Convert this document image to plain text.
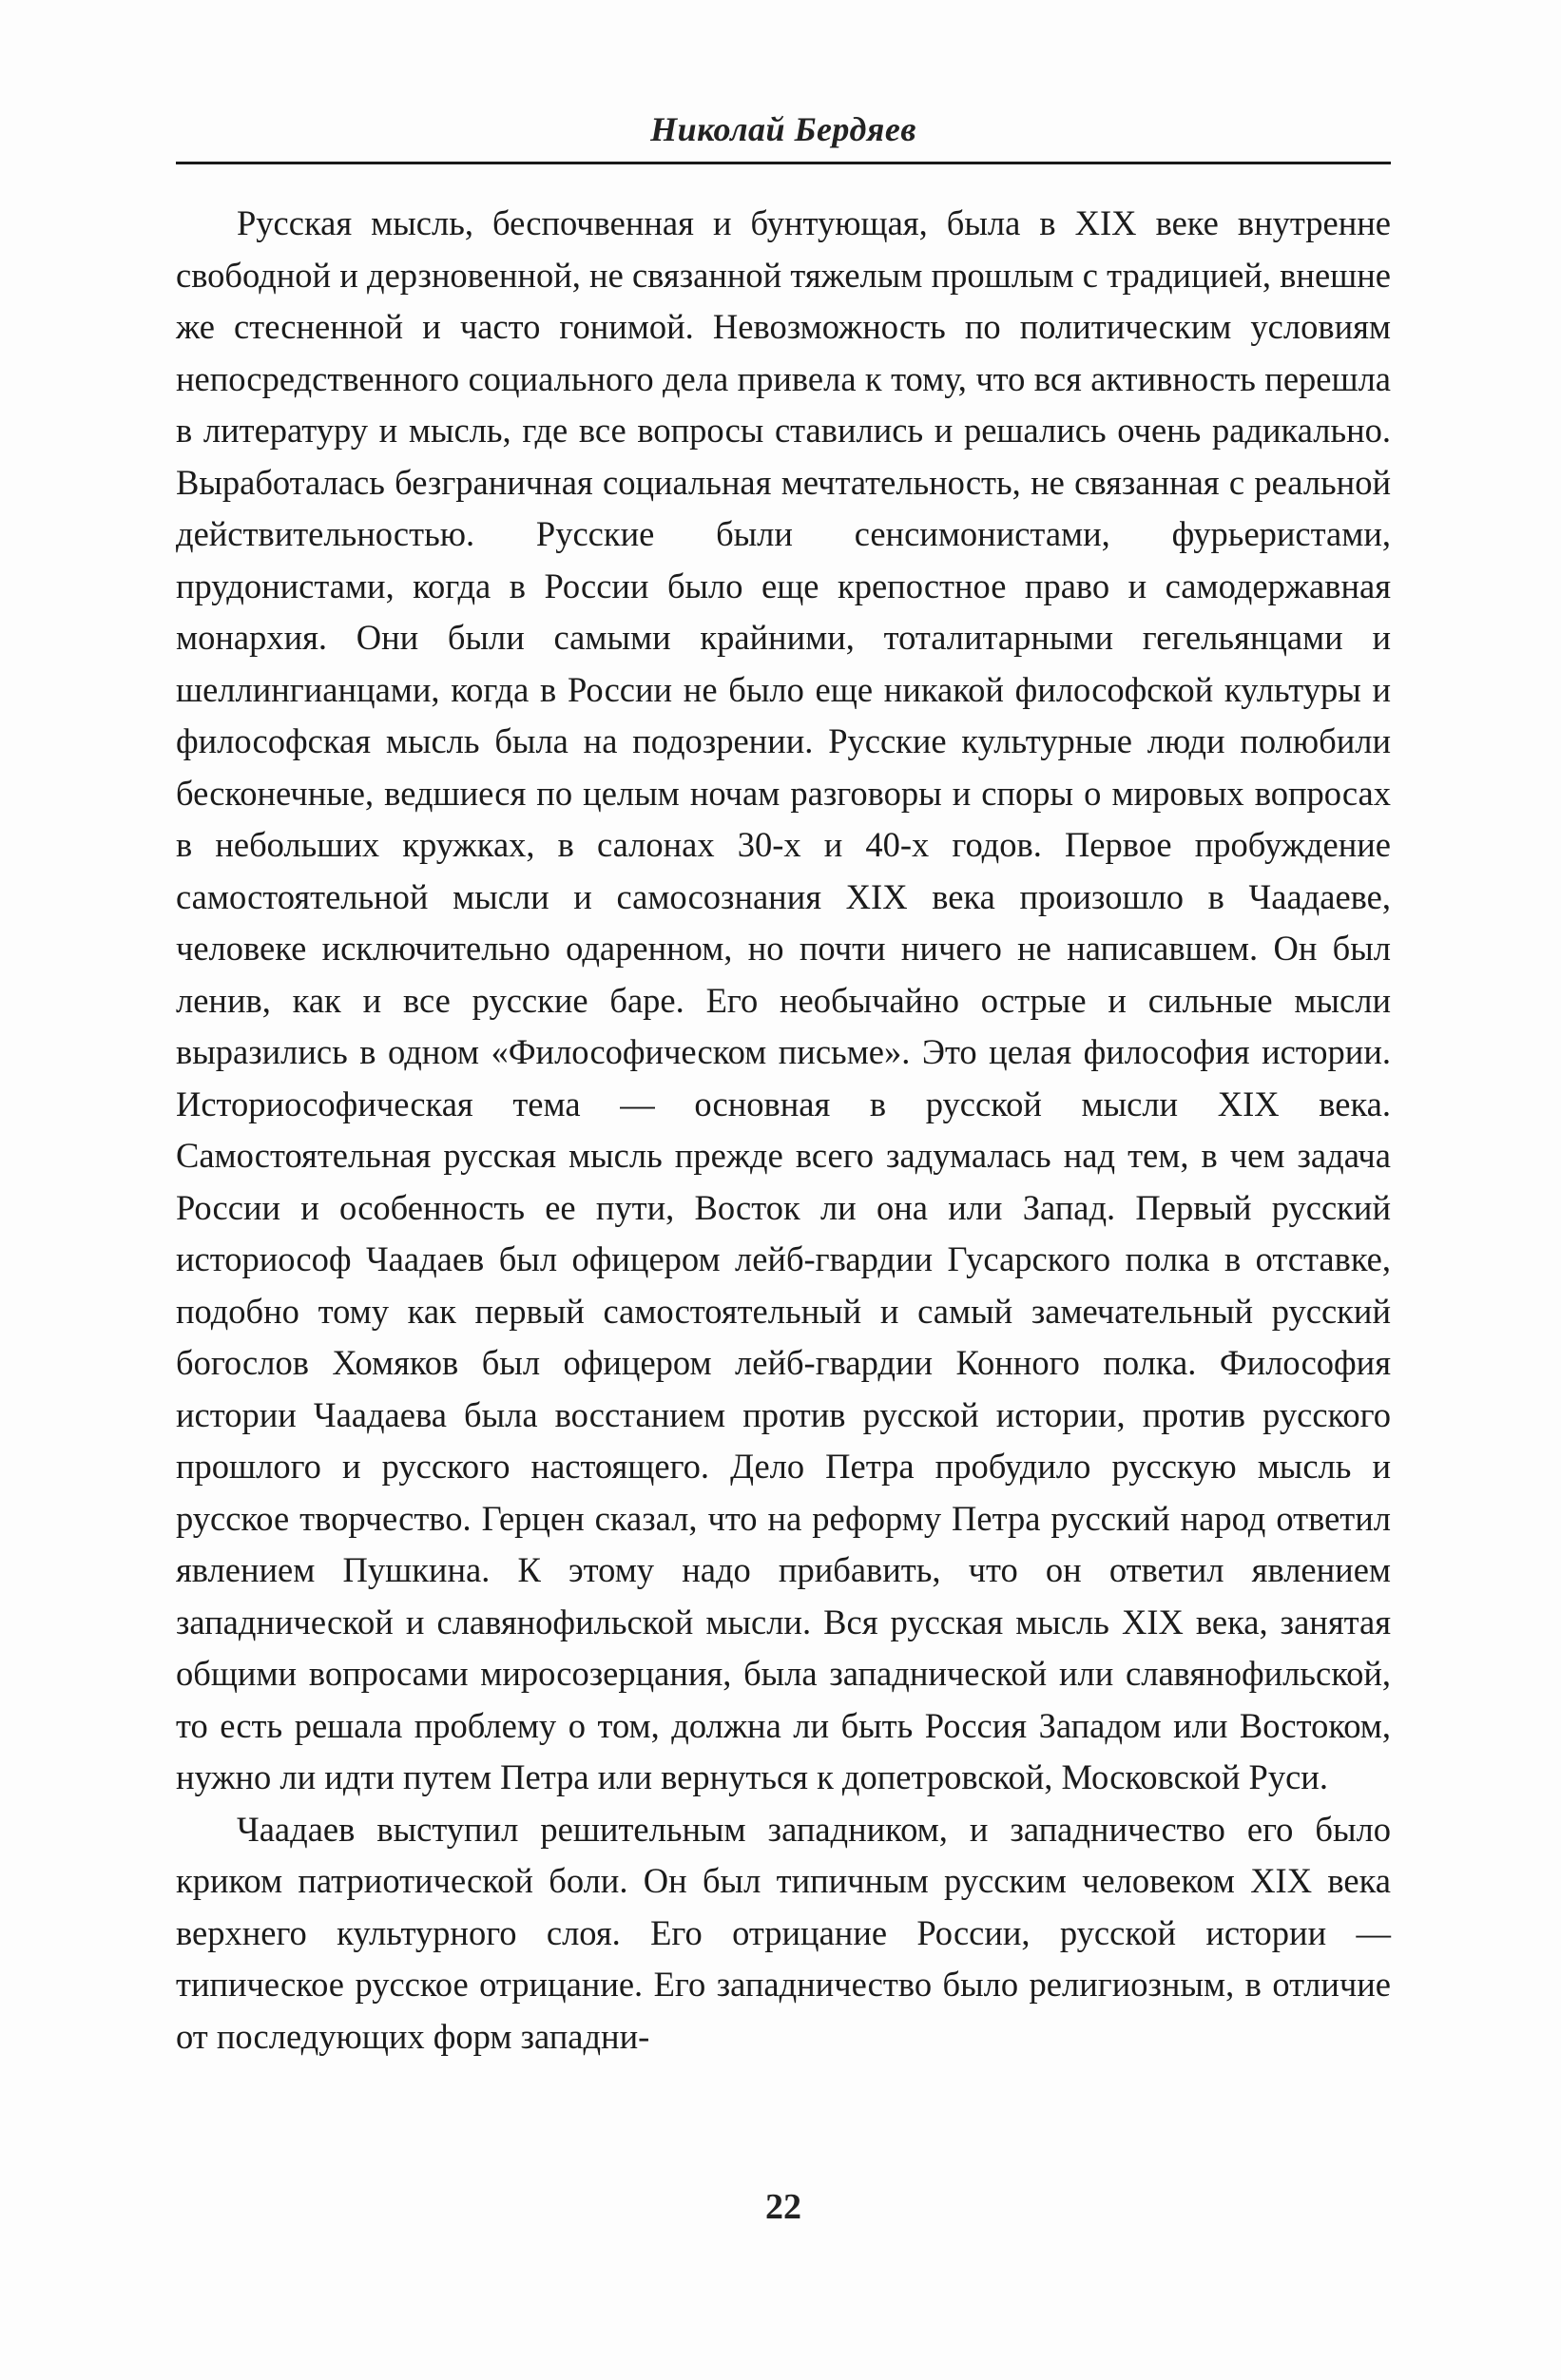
Николай Бердяев

Русская мысль, беспочвенная и бунтующая, была в XIX веке внутренне свободной и дерзновенной, не связанной тяжелым прошлым с традицией, внешне же стесненной и часто гонимой. Невозможность по политическим условиям непосредственного социального дела привела к тому, что вся активность перешла в литературу и мысль, где все вопросы ставились и решались очень радикально. Выработалась безграничная социальная мечтательность, не связанная с реальной действительностью. Русские были сенсимонистами, фурьеристами, прудонистами, когда в России было еще крепостное право и самодержавная монархия. Они были самыми крайними, тоталитарными гегельянцами и шеллингианцами, когда в России не было еще никакой философской культуры и философская мысль была на подозрении. Русские культурные люди полюбили бесконечные, ведшиеся по целым ночам разговоры и споры о мировых вопросах в небольших кружках, в салонах 30-х и 40-х годов. Первое пробуждение самостоятельной мысли и самосознания XIX века произошло в Чаадаеве, человеке исключительно одаренном, но почти ничего не написавшем. Он был ленив, как и все русские баре. Его необычайно острые и сильные мысли выразились в одном «Философическом письме». Это целая философия истории. Историософическая тема — основная в русской мысли XIX века. Самостоятельная русская мысль прежде всего задумалась над тем, в чем задача России и особенность ее пути, Восток ли она или Запад. Первый русский историософ Чаадаев был офицером лейб-гвардии Гусарского полка в отставке, подобно тому как первый самостоятельный и самый замечательный русский богослов Хомяков был офицером лейб-гвардии Конного полка. Философия истории Чаадаева была восстанием против русской истории, против русского прошлого и русского настоящего. Дело Петра пробудило русскую мысль и русское творчество. Герцен сказал, что на реформу Петра русский народ ответил явлением Пушкина. К этому надо прибавить, что он ответил явлением западнической и славянофильской мысли. Вся русская мысль XIX века, занятая общими вопросами миросозерцания, была западнической или славянофильской, то есть решала проблему о том, должна ли быть Россия Западом или Востоком, нужно ли идти путем Петра или вернуться к допетровской, Московской Руси.

Чаадаев выступил решительным западником, и западничество его было криком патриотической боли. Он был типичным русским человеком XIX века верхнего культурного слоя. Его отрицание России, русской истории — типическое русское отрицание. Его западничество было религиозным, в отличие от последующих форм западни-

22
